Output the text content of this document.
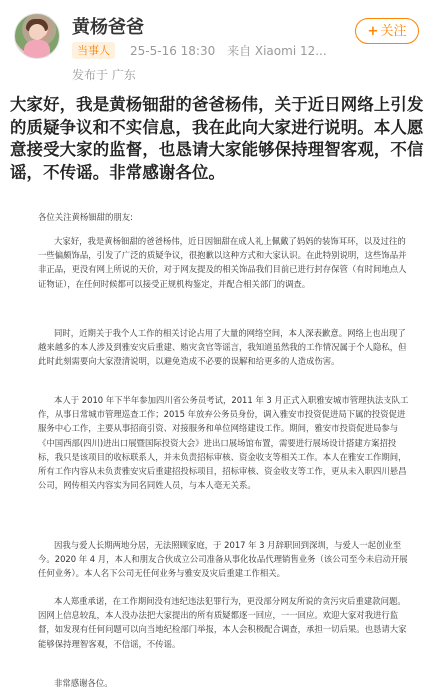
黄杨爸爸
当事人	25-5-16 18:30 来自 Xiaomi 12...
发布于 广东
+ 关注
大家好，我是黄杨钿甜的爸爸杨伟，关于近日网络上引发的质疑争议和不实信息，我在此向大家进行说明。本人愿意接受大家的监督，也恳请大家能够保持理智客观，不信谣，不传谣。非常感谢各位。

各位关注黄杨钿甜的朋友:

大家好，我是黄杨钿甜的爸爸杨伟，近日因钿甜在成人礼上佩戴了妈妈的装饰耳环，以及过往的一些偏颇饰品，引发了广泛的质疑争议，很抱歉以这种方式和大家认识。在此特别说明，这些饰品并非正品，更没有网上所说的天价，对于网友提及的相关饰品我们目前已进行封存保管（有时间地点人证物证），在任何时候都可以接受正规机构鉴定，并配合相关部门的调查。

同时，近期关于我个人工作的相关讨论占用了大量的网络空间，本人深表歉意。网络上也出现了越来越多的本人涉及到雅安灾后重建、贿灾贪官等谣言，我知道虽然我的工作情况属于个人隐私，但此时此刻需要向大家澄清说明，以避免造成不必要的误解和给更多的人造成伤害。

本人于 2010 年下半年参加四川省公务员考试，2011 年 3 月正式入职雅安城市管理执法支队工作，从事日常城市管理巡查工作；2015 年放弃公务员身份，调入雅安市投资促进局下属的投资促进服务中心工作，主要从事招商引资、对接服务和单位网络建设工作。期间，雅安市投资促进局参与《中国西部(四川)进出口展暨国际投资大会》进出口展场馆布置，需要进行展场设计搭建方案招投标，我只是该项目的收标联系人，并未负责招标审核、资金收支等相关工作。本人在雅安工作期间，所有工作内容从未负责雅安灾后重建招投标项目，招标审核、资金收支等工作，更从未入职四川悬昌公司，网传相关内容实为同名同姓人员，与本人毫无关系。

因我与爱人长期两地分居，无法照顾家庭，于 2017 年 3 月辞职回到深圳，与爱人一起创业至今。2020 年 4 月，本人和朋友合伙成立公司准备从事化妆品代理销售业务（该公司至今未启动开展任何业务）。本人名下公司无任何业务与雅安及灾后重建工作相关。

本人郑重承诺，在工作期间没有违纪违法犯罪行为，更没部分网友所说的贪污灾后重建款问题。因网上信息较乱，本人没办法把大家提出的所有质疑都逐一回应，一一回应。欢迎大家对我进行监督，如发现有任何问题可以向当地纪检部门举报，本人会积极配合调查，承担一切后果。也恳请大家能够保持理智客观，不信谣，不传谣。

非常感谢各位。
